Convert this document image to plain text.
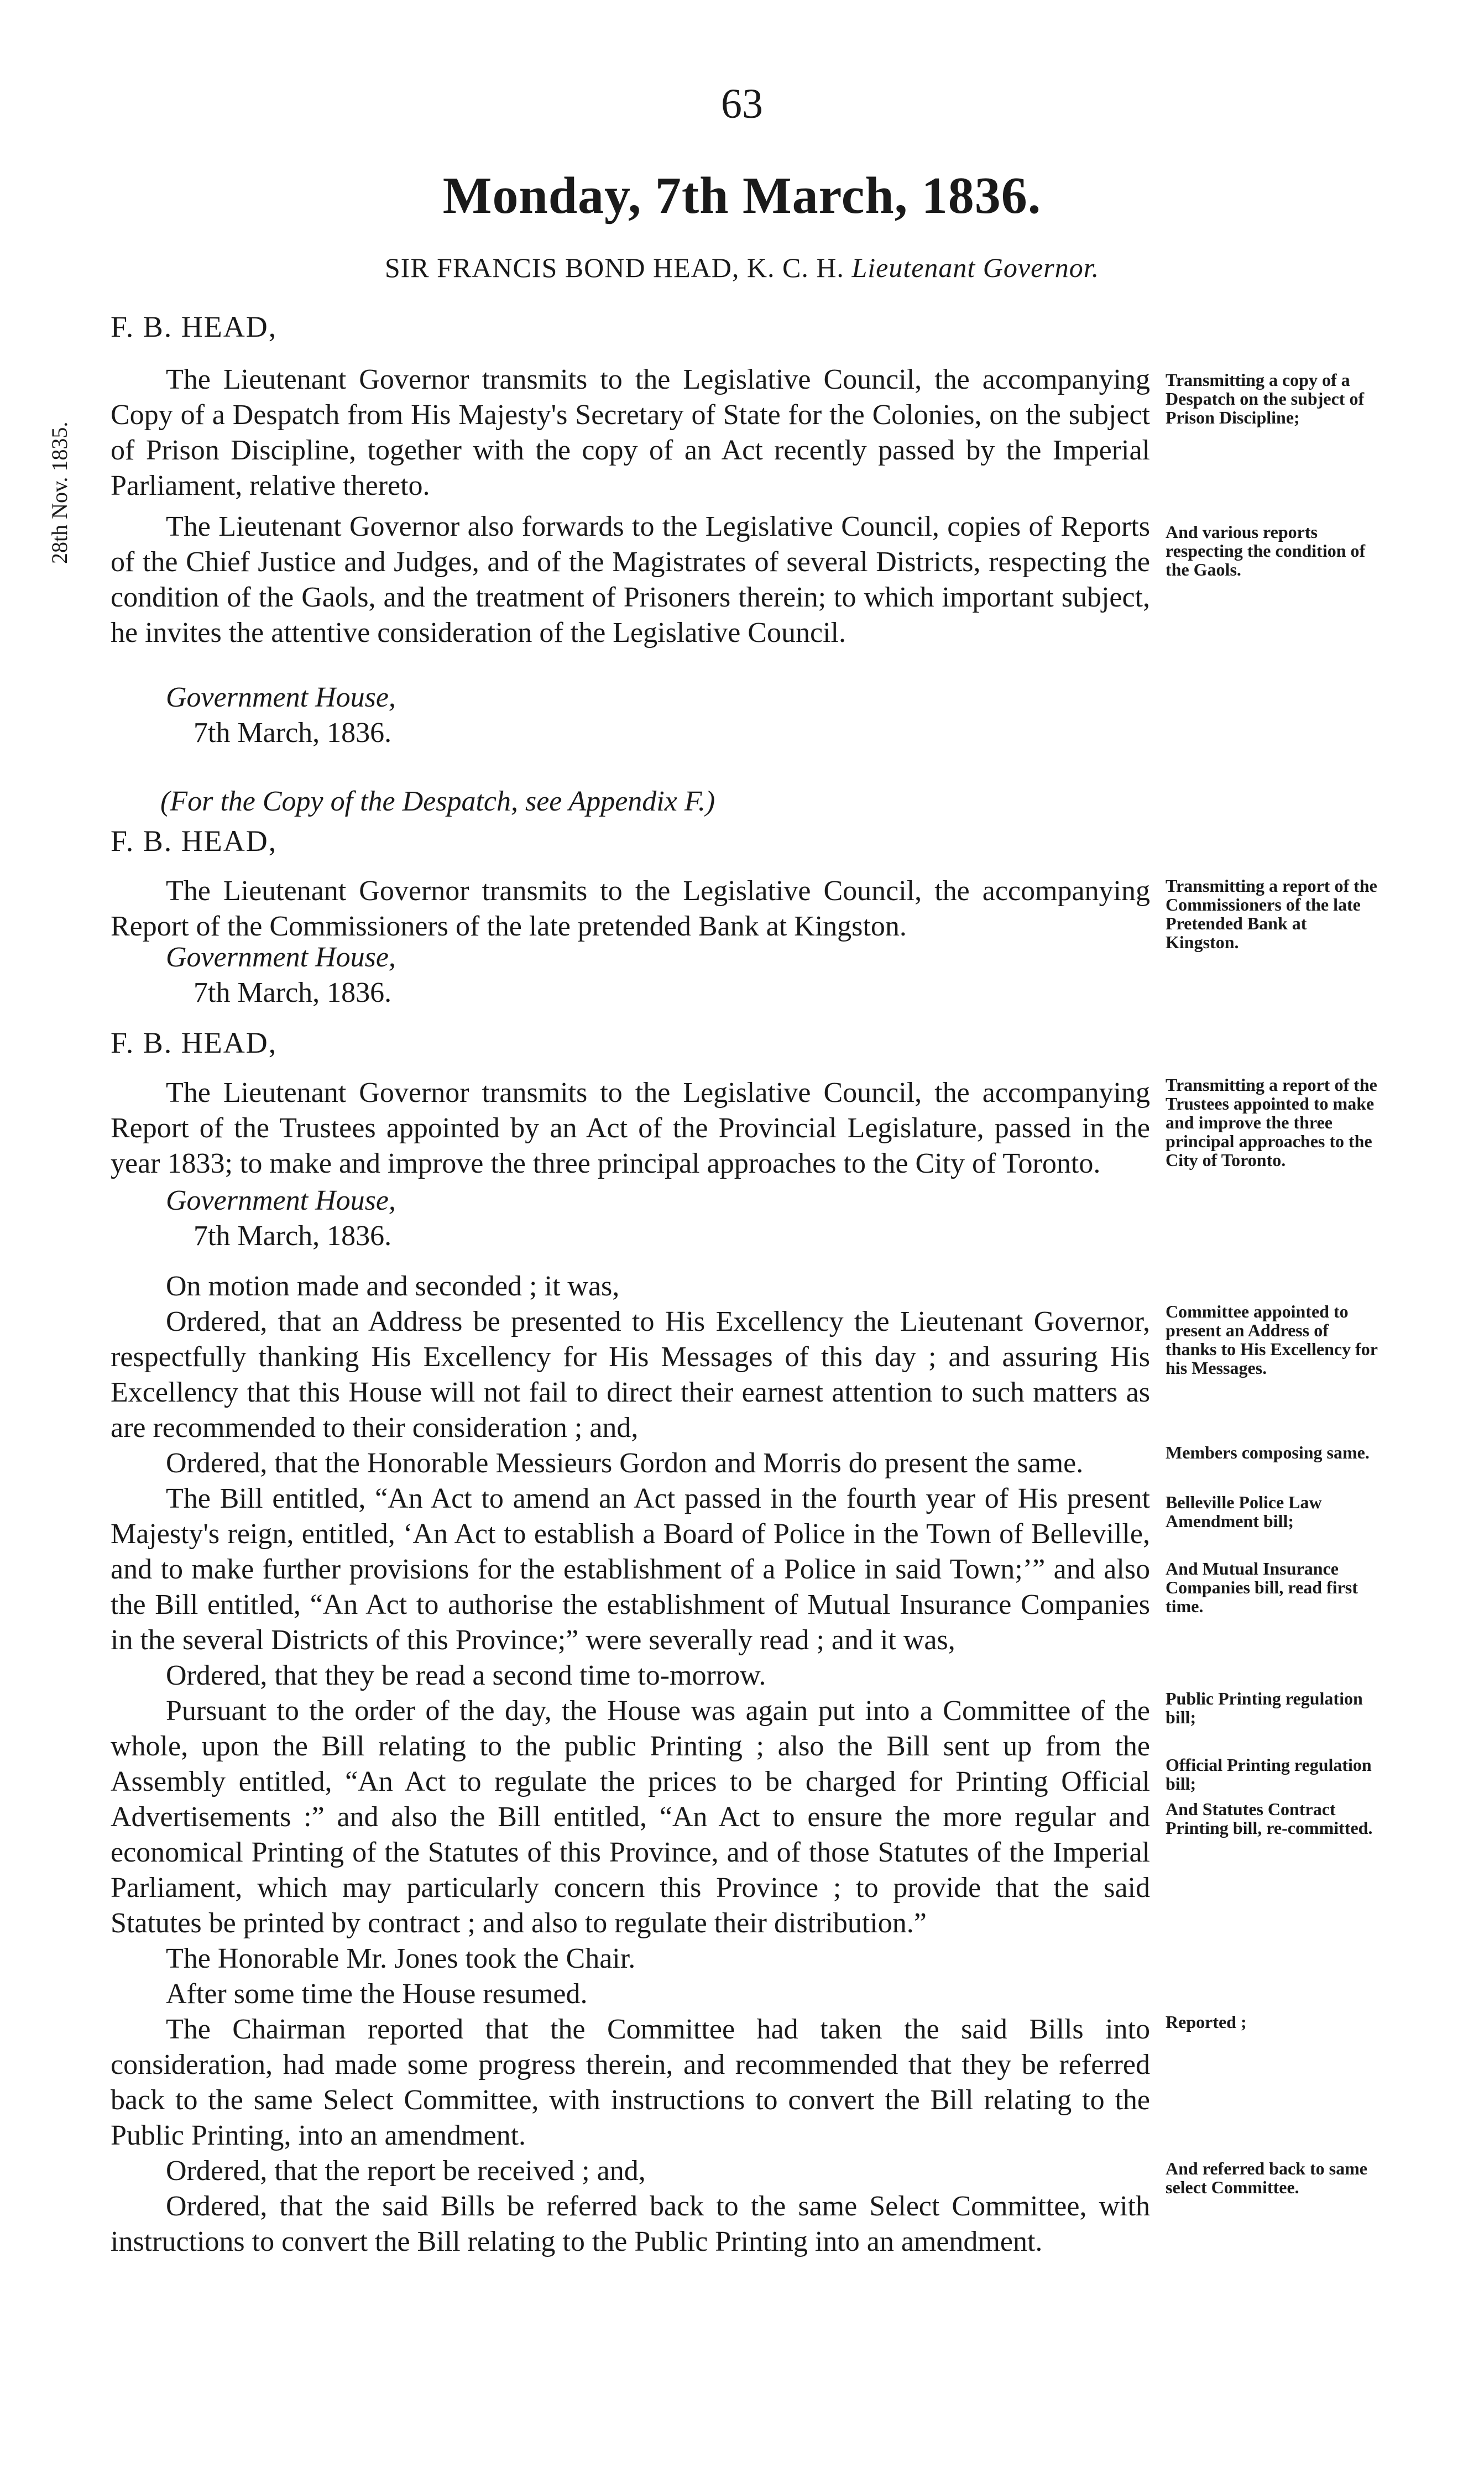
63
Monday, 7th March, 1836.
SIR FRANCIS BOND HEAD, K. C. H. Lieutenant Governor.
28th Nov. 1835.
F. B. HEAD,

The Lieutenant Governor transmits to the Legislative Council, the accompanying Copy of a Despatch from His Majesty's Secretary of State for the Colonies, on the subject of Prison Discipline, together with the copy of an Act recently passed by the Imperial Parliament, relative thereto.

The Lieutenant Governor also forwards to the Legislative Council, copies of Reports of the Chief Justice and Judges, and of the Magistrates of several Districts, respecting the condition of the Gaols, and the treatment of Prisoners therein; to which important subject, he invites the attentive consideration of the Legislative Council.

Government House,
7th March, 1836.
(For the Copy of the Despatch, see Appendix F.)
F. B. HEAD,

The Lieutenant Governor transmits to the Legislative Council, the accompanying Report of the Commissioners of the late pretended Bank at Kingston.

Government House,
7th March, 1836.
F. B. HEAD,

The Lieutenant Governor transmits to the Legislative Council, the accompanying Report of the Trustees appointed by an Act of the Provincial Legislature, passed in the year 1833; to make and improve the three principal approaches to the City of Toronto.

Government House,
7th March, 1836.

On motion made and seconded ; it was,

Ordered, that an Address be presented to His Excellency the Lieutenant Governor, respectfully thanking His Excellency for His Messages of this day ; and assuring His Excellency that this House will not fail to direct their earnest attention to such matters as are recommended to their consideration ; and,

Ordered, that the Honorable Messieurs Gordon and Morris do present the same.

The Bill entitled, “An Act to amend an Act passed in the fourth year of His present Majesty's reign, entitled, ‘An Act to establish a Board of Police in the Town of Belleville, and to make further provisions for the establishment of a Police in said Town;’” and also the Bill entitled, “An Act to authorise the establishment of Mutual Insurance Companies in the several Districts of this Province;” were severally read ; and it was,

Ordered, that they be read a second time to-morrow.

Pursuant to the order of the day, the House was again put into a Committee of the whole, upon the Bill relating to the public Printing ; also the Bill sent up from the Assembly entitled, “An Act to regulate the prices to be charged for Printing Official Advertisements :” and also the Bill entitled, “An Act to ensure the more regular and economical Printing of the Statutes of this Province, and of those Statutes of the Imperial Parliament, which may particularly concern this Province ; to provide that the said Statutes be printed by contract ; and also to regulate their distribution.”

The Honorable Mr. Jones took the Chair.

After some time the House resumed.

The Chairman reported that the Committee had taken the said Bills into consideration, had made some progress therein, and recommended that they be referred back to the same Select Committee, with instructions to convert the Bill relating to the Public Printing, into an amendment.

Ordered, that the report be received ; and,

Ordered, that the said Bills be referred back to the same Select Committee, with instructions to convert the Bill relating to the Public Printing into an amendment.

Transmitting a copy of a Despatch on the subject of Prison Discipline;
And various reports respecting the condition of the Gaols.
Transmitting a report of the Commissioners of the late Pretended Bank at Kingston.
Transmitting a report of the Trustees appointed to make and improve the three principal approaches to the City of Toronto.
Committee appointed to present an Address of thanks to His Excellency for his Messages.
Members composing same.
Belleville Police Law Amendment bill;
And Mutual Insurance Companies bill, read first time.
Public Printing regulation bill;
Official Printing regulation bill;
And Statutes Contract Printing bill, re-committed.
Reported ;
And referred back to same select Committee.
